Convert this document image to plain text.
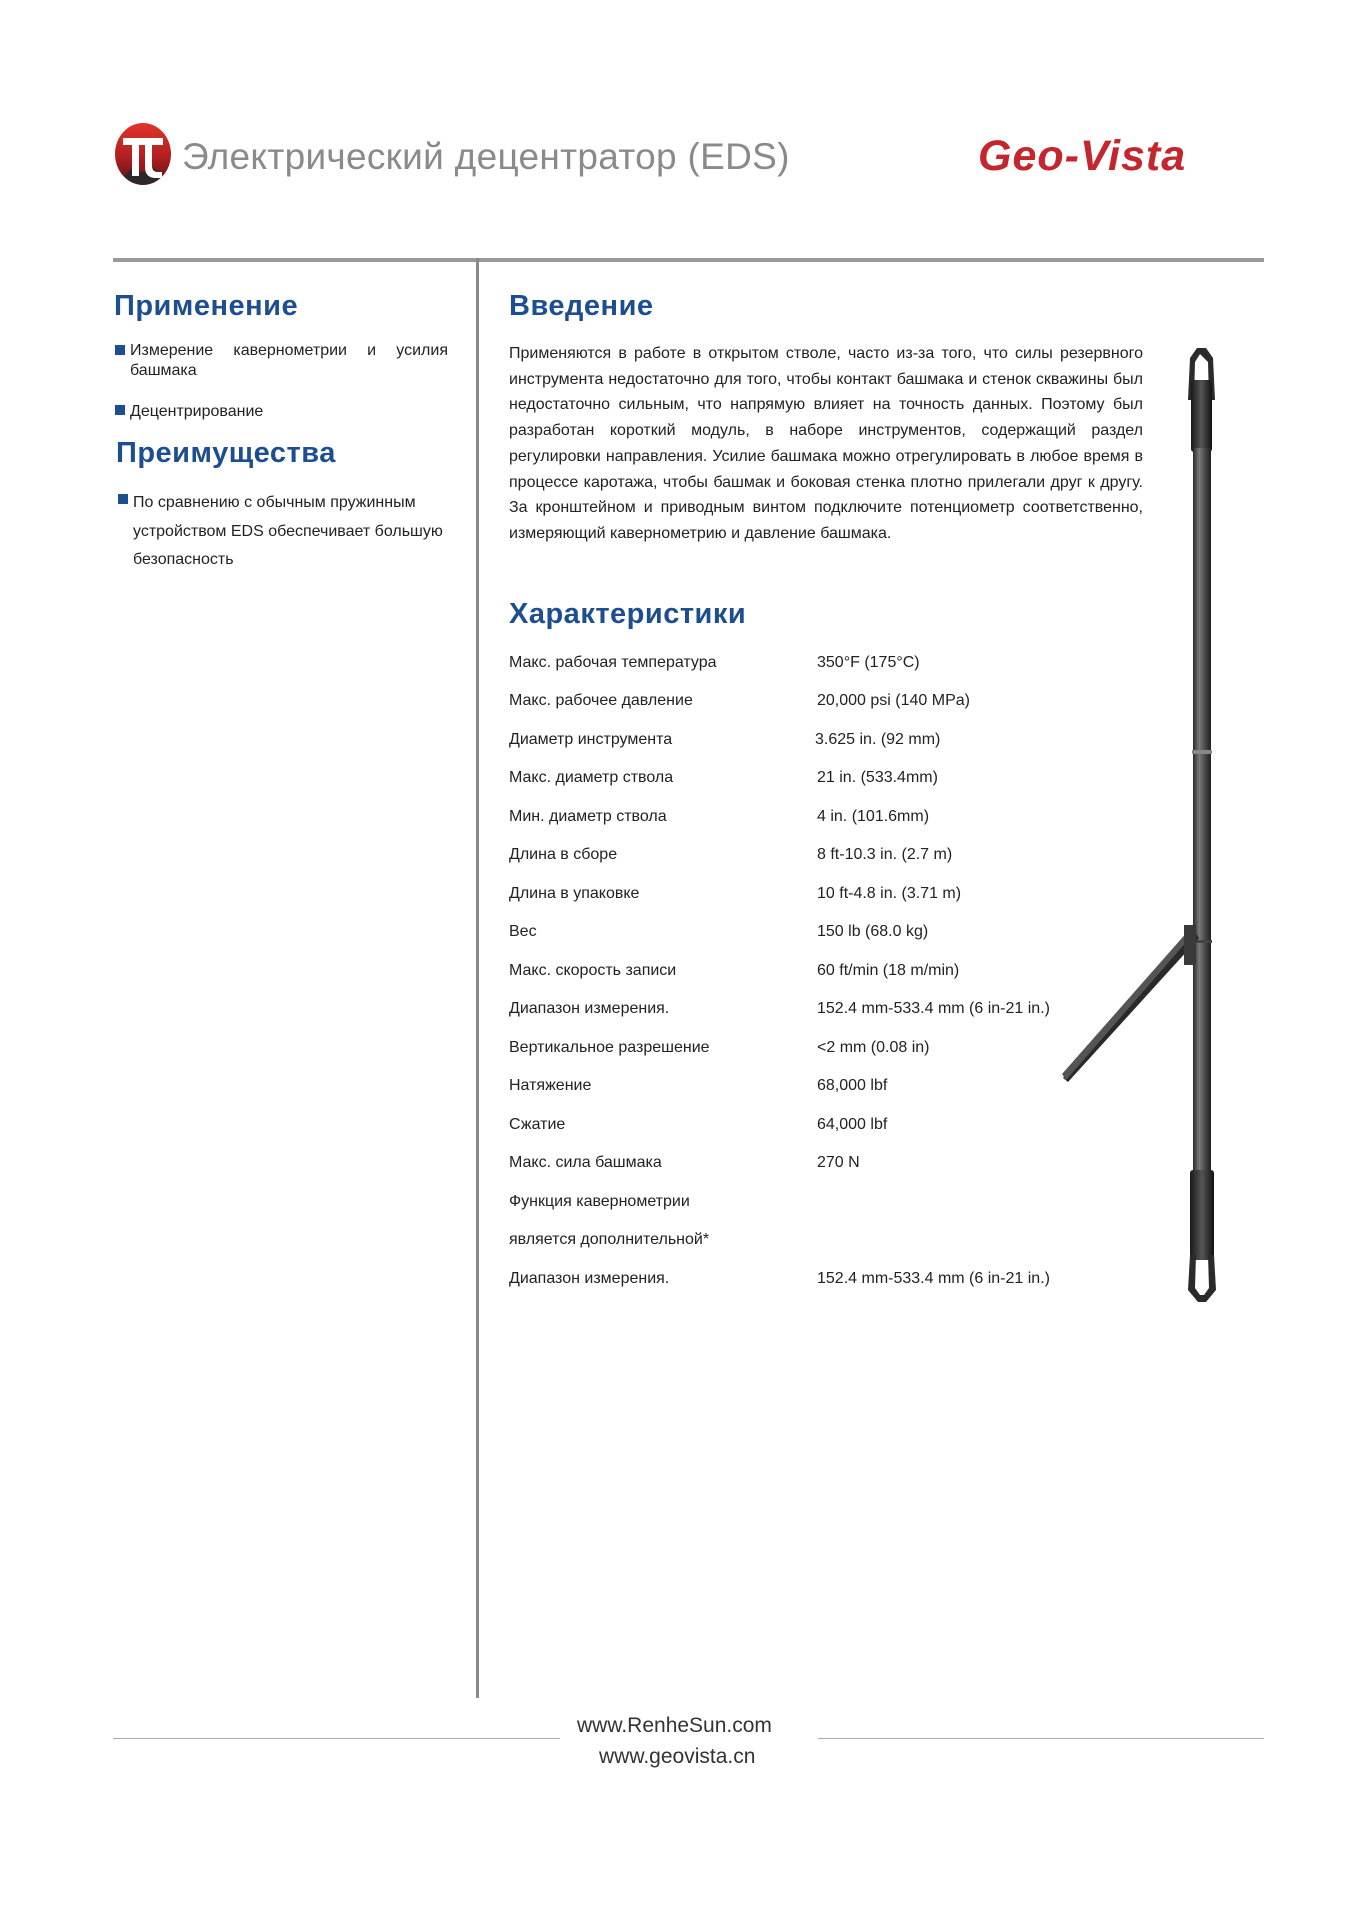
Электрический децентратор (EDS)	Geo-Vista
Применение
Измерение кавернометрии и усилия башмака
Децентрирование
Преимущества
По сравнению с обычным пружинным устройством EDS обеспечивает большую безопасность
Введение

Применяются в работе в открытом стволе, часто из-за того, что силы резервного инструмента недостаточно для того, чтобы контакт башмака и стенок скважины был недостаточно сильным, что напрямую влияет на точность данных. Поэтому был разработан короткий модуль, в наборе инструментов, содержащий раздел регулировки направления. Усилие башмака можно отрегулировать в любое время в процессе каротажа, чтобы башмак и боковая стенка плотно прилегали друг к другу. За кронштейном и приводным винтом подключите потенциометр соответственно, измеряющий кавернометрию и давление башмака.

Характеристики
Макс. рабочая температура	350°F (175°C)
Макс. рабочее давление	20,000 psi (140 MPa)
Диаметр инструмента	3.625 in. (92 mm)
Макс. диаметр ствола	21 in. (533.4mm)
Мин. диаметр ствола	4 in. (101.6mm)
Длина в сборе	8 ft-10.3 in. (2.7 m)
Длина в упаковке	10 ft-4.8 in. (3.71 m)
Вес	150 lb (68.0 kg)
Макс. скорость записи	60 ft/min (18 m/min)
Диапазон измерения.	152.4 mm-533.4 mm (6 in-21 in.)
Вертикальное разрешение	<2 mm (0.08 in)
Натяжение	68,000 lbf
Сжатие	64,000 lbf
Макс. сила башмака	270 N
Функция кавернометрии
является дополнительной*
Диапазон измерения.	152.4 mm-533.4 mm (6 in-21 in.)
www.RenheSun.com
www.geovista.cn
